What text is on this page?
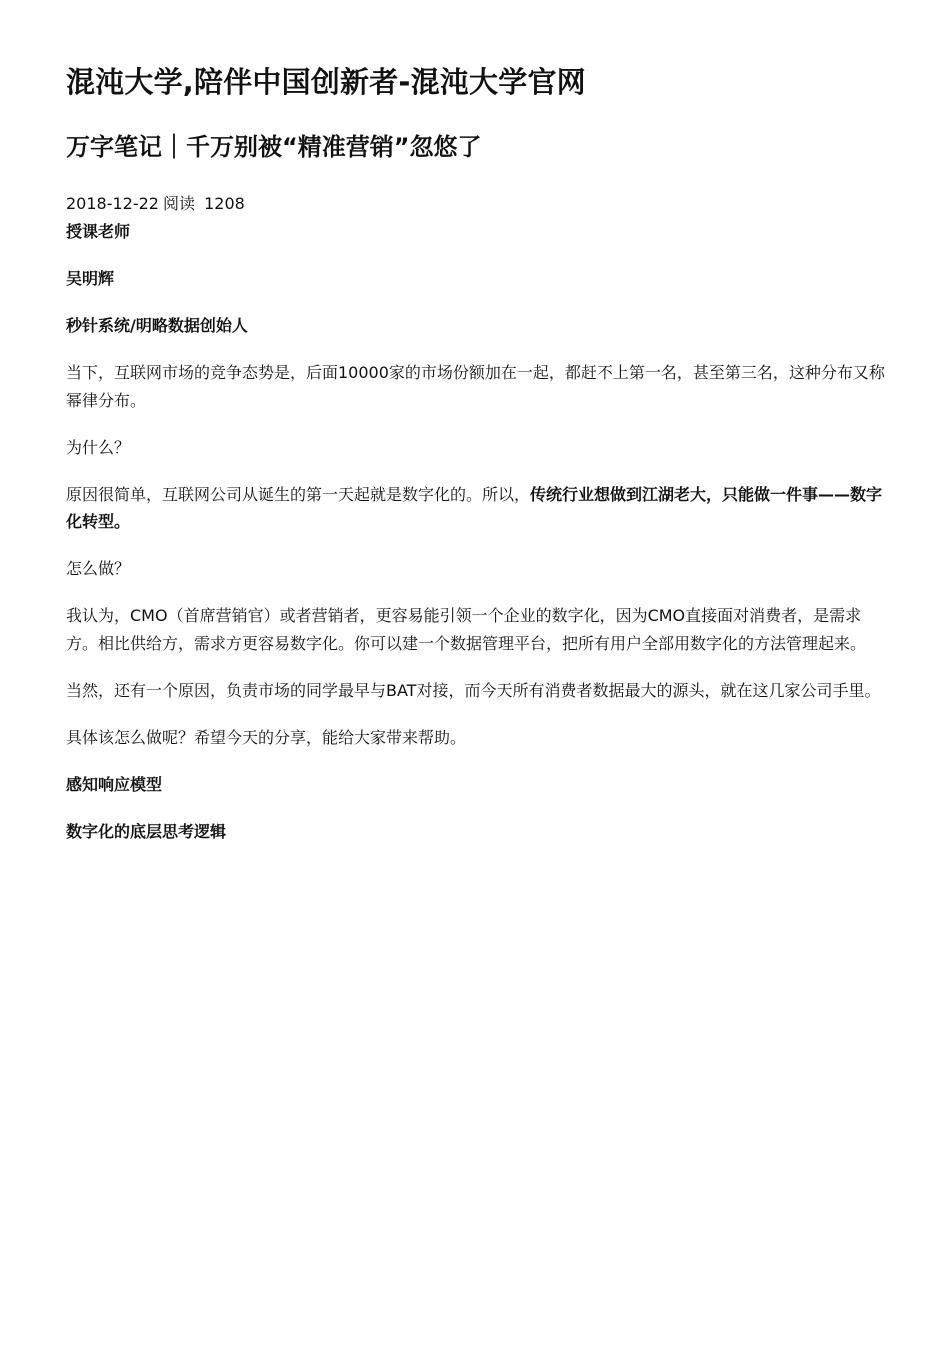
混沌大学,陪伴中国创新者-混沌大学官网
万字笔记｜千万别被“精准营销”忽悠了
2018-12-22 阅读 1208

授课老师

吴明辉

秒针系统/明略数据创始人

当下，互联网市场的竞争态势是，后面10000家的市场份额加在一起，都赶不上第一名，甚至第三名，这种分布又称幂律分布。

为什么？

原因很简单，互联网公司从诞生的第一天起就是数字化的。所以，传统行业想做到江湖老大，只能做一件事——数字化转型。

怎么做？

我认为，CMO（首席营销官）或者营销者，更容易能引领一个企业的数字化，因为CMO直接面对消费者，是需求方。相比供给方，需求方更容易数字化。你可以建一个数据管理平台，把所有用户全部用数字化的方法管理起来。

当然，还有一个原因，负责市场的同学最早与BAT对接，而今天所有消费者数据最大的源头，就在这几家公司手里。

具体该怎么做呢？希望今天的分享，能给大家带来帮助。

感知响应模型

数字化的底层思考逻辑
